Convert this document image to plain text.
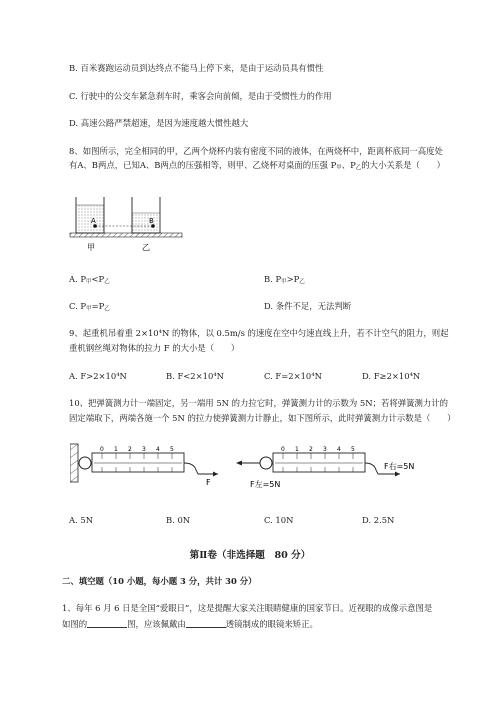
B. 百米赛跑运动员到达终点不能马上停下来，是由于运动员具有惯性
C. 行驶中的公交车紧急刹车时，乘客会向前倾，是由于受惯性力的作用
D. 高速公路严禁超速，是因为速度越大惯性越大
8、如图所示，完全相同的甲，乙两个烧杯内装有密度不同的液体，在两烧杯中，距离杯底同一高度处
有A、B两点，已知A、B两点的压强相等，则甲、乙烧杯对桌面的压强 P甲、P乙的大小关系是（　　）
A	B
甲	乙
A. P甲<P乙	B. P甲>P乙
C. P甲=P乙	D. 条件不足，无法判断
9、起重机吊着重 2×10⁴N 的物体，以 0.5m/s 的速度在空中匀速直线上升，若不计空气的阻力，则起
重机钢丝绳对物体的拉力 F 的大小是（　　）
A. F>2×10⁴N	B. F<2×10⁴N	C. F=2×10⁴N	D. F≥2×10⁴N
10、把弹簧测力计一端固定，另一端用 5N 的力拉它时，弹簧测力计的示数为 5N；若将弹簧测力计的
固定端取下，两端各施一个 5N 的拉力使弹簧测力计静止，如下图所示，此时弹簧测力计示数是（　　）
0 1 2 3 4 5
F
0 1 2 3 4 5
F左=5N
F右=5N
A. 5N	B. 0N	C. 10N	D. 2.5N
第Ⅱ卷（非选择题　80 分）
二、填空题（10 小题，每小题 3 分，共计 30 分）
1、每年 6 月 6 日是全国“爱眼日”，这是提醒大家关注眼睛健康的国家节日。近视眼的成像示意图是
如图的	图，应该佩戴由	透镜制成的眼镜来矫正。
